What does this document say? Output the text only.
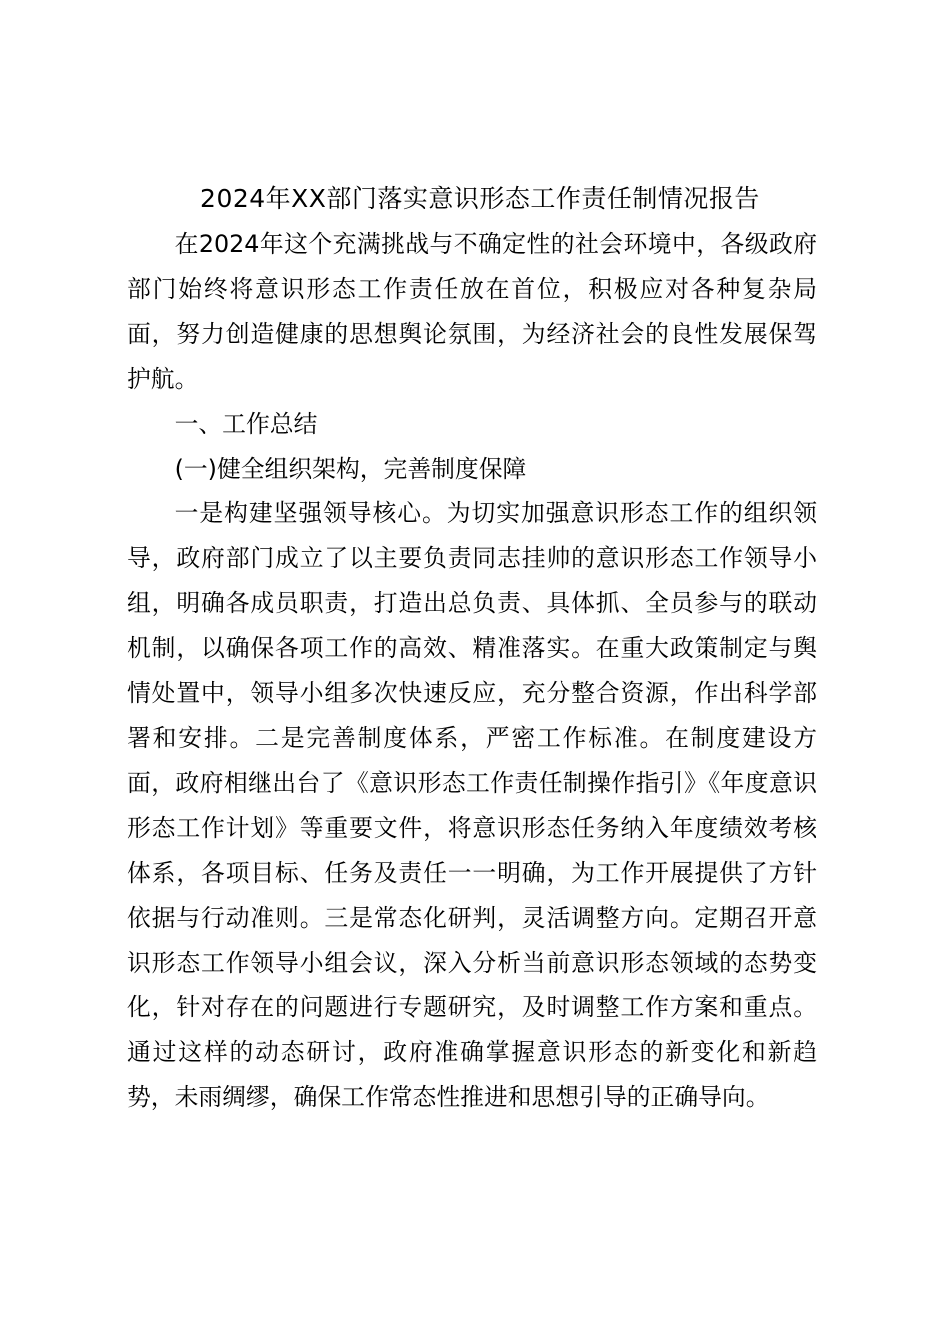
2024年XX部门落实意识形态工作责任制情况报告

在2024年这个充满挑战与不确定性的社会环境中，各级政府部门始终将意识形态工作责任放在首位，积极应对各种复杂局面，努力创造健康的思想舆论氛围，为经济社会的良性发展保驾护航。

一、工作总结

(一)健全组织架构，完善制度保障

一是构建坚强领导核心。为切实加强意识形态工作的组织领导，政府部门成立了以主要负责同志挂帅的意识形态工作领导小组，明确各成员职责，打造出总负责、具体抓、全员参与的联动机制，以确保各项工作的高效、精准落实。在重大政策制定与舆情处置中，领导小组多次快速反应，充分整合资源，作出科学部署和安排。二是完善制度体系，严密工作标准。在制度建设方面，政府相继出台了《意识形态工作责任制操作指引》《年度意识形态工作计划》等重要文件，将意识形态任务纳入年度绩效考核体系，各项目标、任务及责任一一明确，为工作开展提供了方针依据与行动准则。三是常态化研判，灵活调整方向。定期召开意识形态工作领导小组会议，深入分析当前意识形态领域的态势变化，针对存在的问题进行专题研究，及时调整工作方案和重点。通过这样的动态研讨，政府准确掌握意识形态的新变化和新趋势，未雨绸缪，确保工作常态性推进和思想引导的正确导向。
